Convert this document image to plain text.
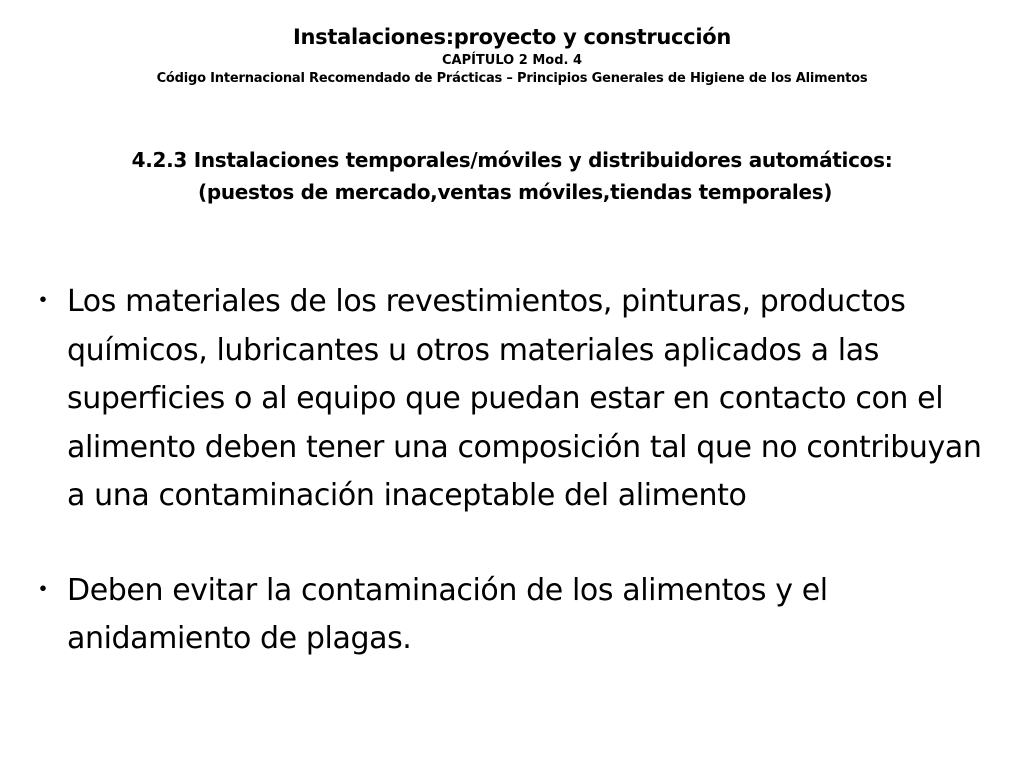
Instalaciones:proyecto y construcción
CAPÍTULO 2 Mod. 4
Código Internacional Recomendado de Prácticas – Principios Generales de Higiene de los Alimentos
4.2.3 Instalaciones temporales/móviles y distribuidores automáticos:
(puestos de mercado,ventas móviles,tiendas temporales)
・ Los materiales de los revestimientos, pinturas, productos químicos, lubricantes u otros materiales aplicados a las superficies o al equipo que puedan estar en contacto con el alimento deben tener una composición tal que no contribuyan a una contaminación inaceptable del alimento
・ Deben evitar la contaminación de los alimentos y el anidamiento de plagas.
